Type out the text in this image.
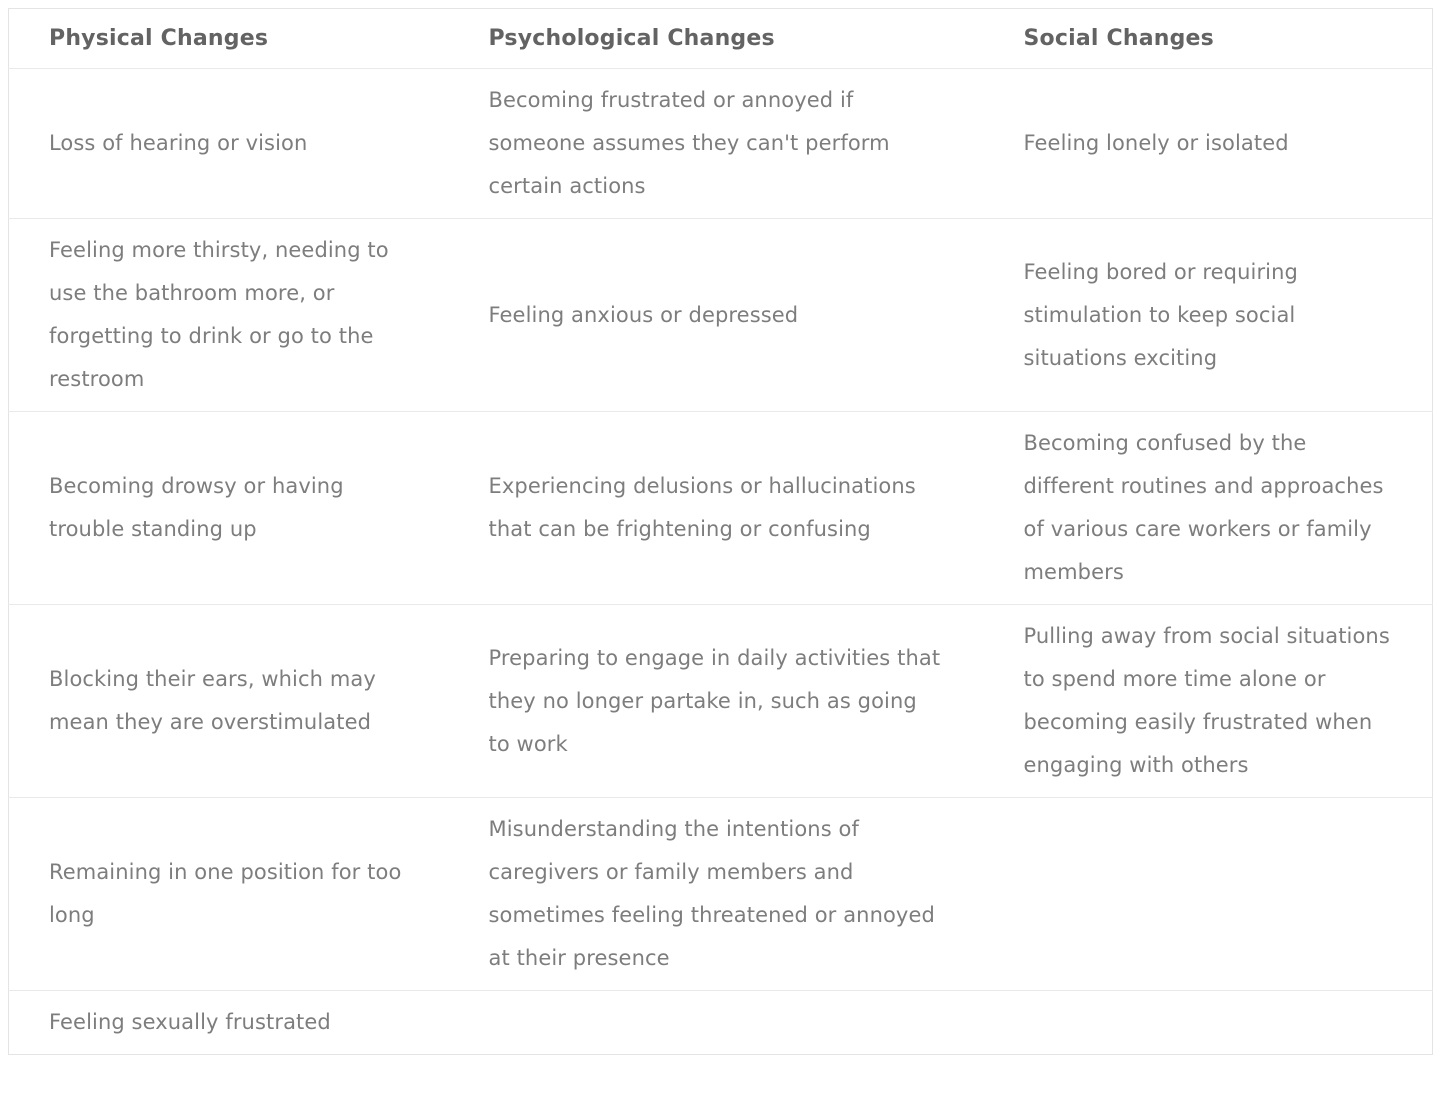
Physical Changes	Psychological Changes	Social Changes
Loss of hearing or vision	Becoming frustrated or annoyed if someone assumes they can't perform certain actions	Feeling lonely or isolated
Feeling more thirsty, needing to use the bathroom more, or forgetting to drink or go to the restroom	Feeling anxious or depressed	Feeling bored or requiring stimulation to keep social situations exciting
Becoming drowsy or having trouble standing up	Experiencing delusions or hallucinations that can be frightening or confusing	Becoming confused by the different routines and approaches of various care workers or family members
Blocking their ears, which may mean they are overstimulated	Preparing to engage in daily activities that they no longer partake in, such as going to work	Pulling away from social situations to spend more time alone or becoming easily frustrated when engaging with others
Remaining in one position for too long	Misunderstanding the intentions of caregivers or family members and sometimes feeling threatened or annoyed at their presence	
Feeling sexually frustrated		
